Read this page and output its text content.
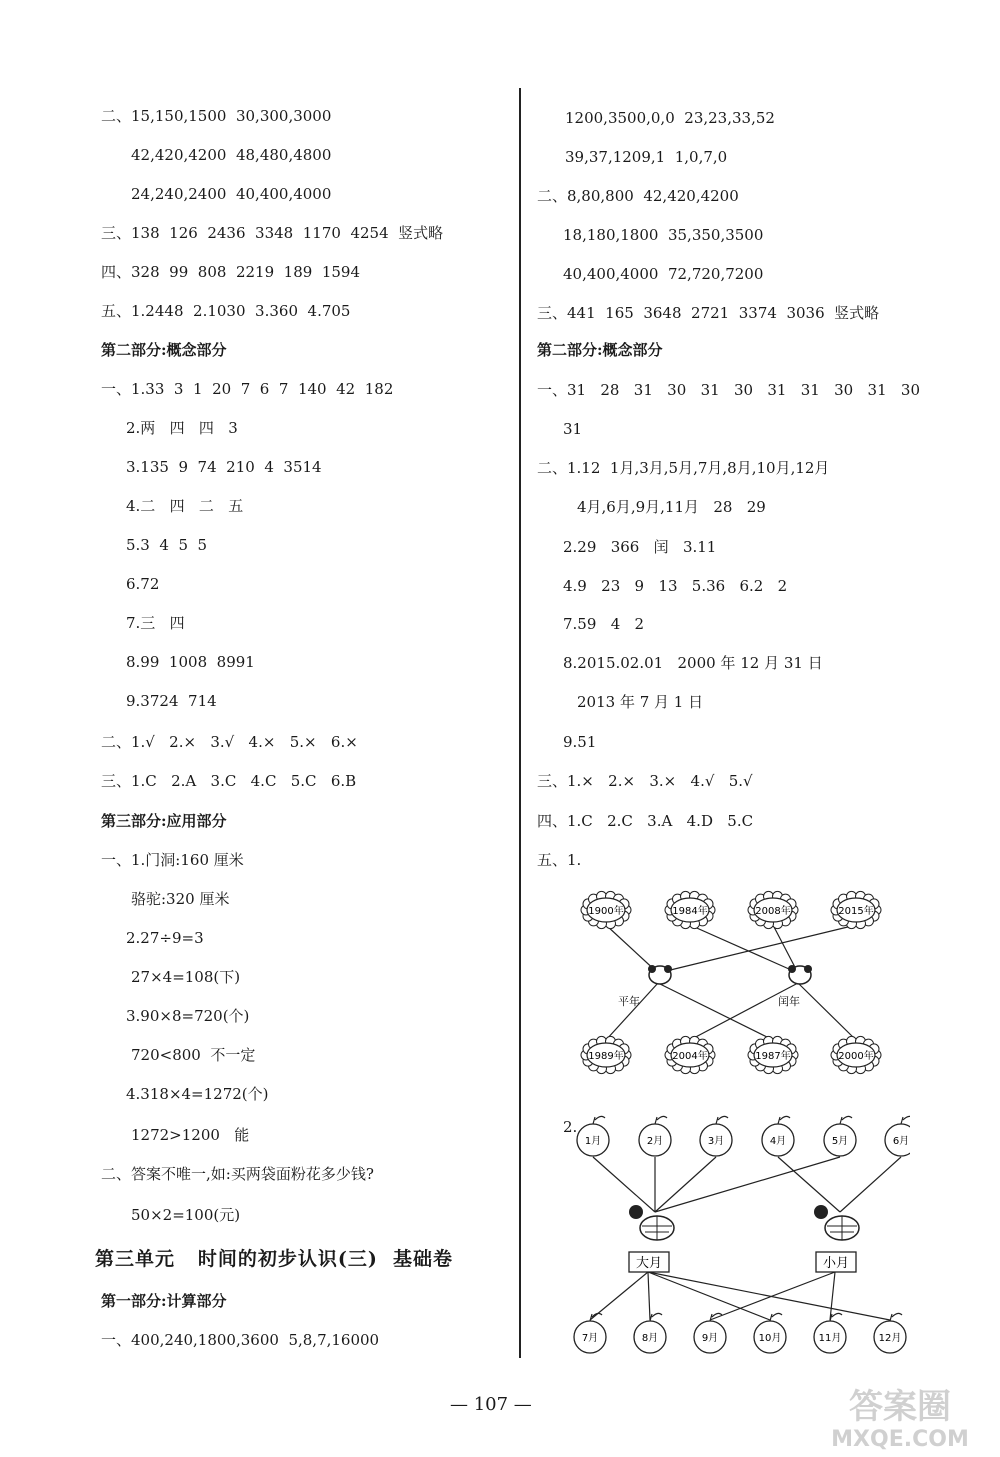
二、15,150,1500  30,300,3000
42,420,4200  48,480,4800
24,240,2400  40,400,4000
三、138  126  2436  3348  1170  4254  竖式略
四、328  99  808  2219  189  1594
五、1.2448  2.1030  3.360  4.705
第二部分:概念部分
一、1.33  3  1  20  7  6  7  140  42  182
2.两   四   四   3
3.135  9  74  210  4  3514
4.二   四   二   五
5.3  4  5  5
6.72
7.三   四
8.99  1008  8991
9.3724  714
二、1.√   2.×   3.√   4.×   5.×   6.×
三、1.C   2.A   3.C   4.C   5.C   6.B
第三部分:应用部分
一、1.门洞:160 厘米
骆驼:320 厘米
2.27÷9=3
27×4=108(下)
3.90×8=720(个)
720<800  不一定
4.318×4=1272(个)
1272>1200   能
二、答案不唯一,如:买两袋面粉花多少钱?
50×2=100(元)
第三单元   时间的初步认识(三)  基础卷
第一部分:计算部分
一、400,240,1800,3600  5,8,7,16000
1200,3500,0,0  23,23,33,52
39,37,1209,1  1,0,7,0
二、8,80,800  42,420,4200
18,180,1800  35,350,3500
40,400,4000  72,720,7200
三、441  165  3648  2721  3374  3036  竖式略
第二部分:概念部分
一、31   28   31   30   31   30   31   31   30   31   30
31
二、1.12  1月,3月,5月,7月,8月,10月,12月
4月,6月,9月,11月   28   29
2.29   366   闰   3.11
4.9   23   9   13   5.36   6.2   2
7.59   4   2
8.2015.02.01   2000 年 12 月 31 日
2013 年 7 月 1 日
9.51
三、1.×   2.×   3.×   4.√   5.√
四、1.C   2.C   3.A   4.D   5.C
五、1.
1900年	1984年	2008年	2015年
1989年	2004年	1987年	2000年
平年	闰年
2.
1月	2月	3月	4月	5月	6月
7月	8月	9月	10月	11月	12月
大月	小月
— 107 —	答案圈
MXQE.COM
